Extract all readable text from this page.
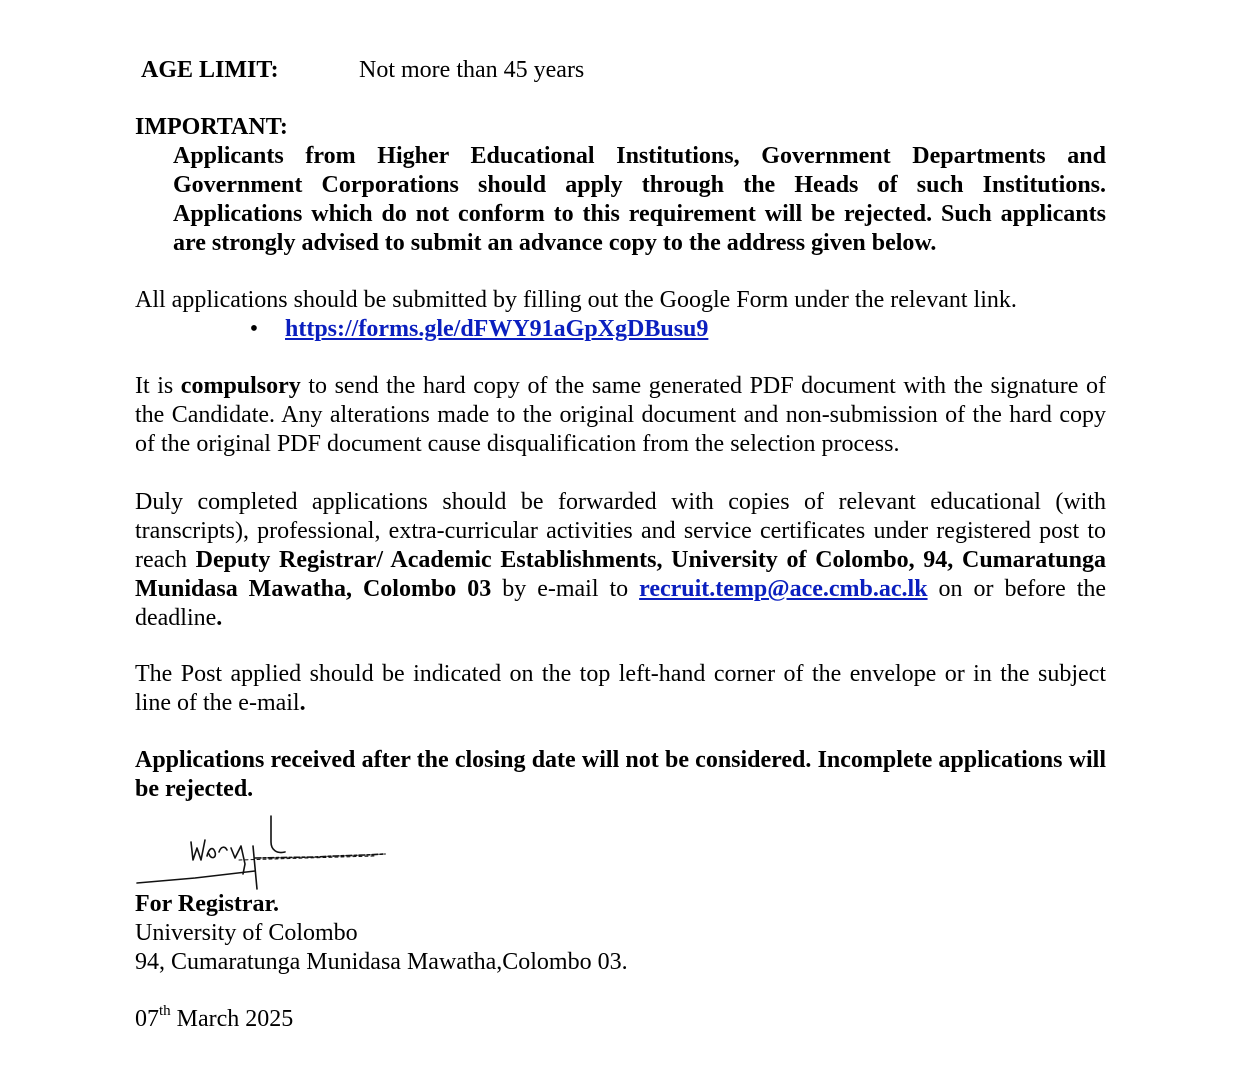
AGE LIMIT:	Not more than 45 years
IMPORTANT:
Applicants from Higher Educational Institutions, Government Departments and Government Corporations should apply through the Heads of such Institutions. Applications which do not conform to this requirement will be rejected. Such applicants are strongly advised to submit an advance copy to the address given below.
All applications should be submitted by filling out the Google Form under the relevant link.
• https://forms.gle/dFWY91aGpXgDBusu9
It is compulsory to send the hard copy of the same generated PDF document with the signature of the Candidate. Any alterations made to the original document and non-submission of the hard copy of the original PDF document cause disqualification from the selection process.
Duly completed applications should be forwarded with copies of relevant educational (with transcripts), professional, extra-curricular activities and service certificates under registered post to reach Deputy Registrar/ Academic Establishments, University of Colombo, 94, Cumaratunga Munidasa Mawatha, Colombo 03 by e-mail to recruit.temp@ace.cmb.ac.lk on or before the deadline.
The Post applied should be indicated on the top left-hand corner of the envelope or in the subject line of the e-mail.
Applications received after the closing date will not be considered. Incomplete applications will be rejected.
For Registrar.
University of Colombo
94, Cumaratunga Munidasa Mawatha,Colombo 03.
07th March 2025
